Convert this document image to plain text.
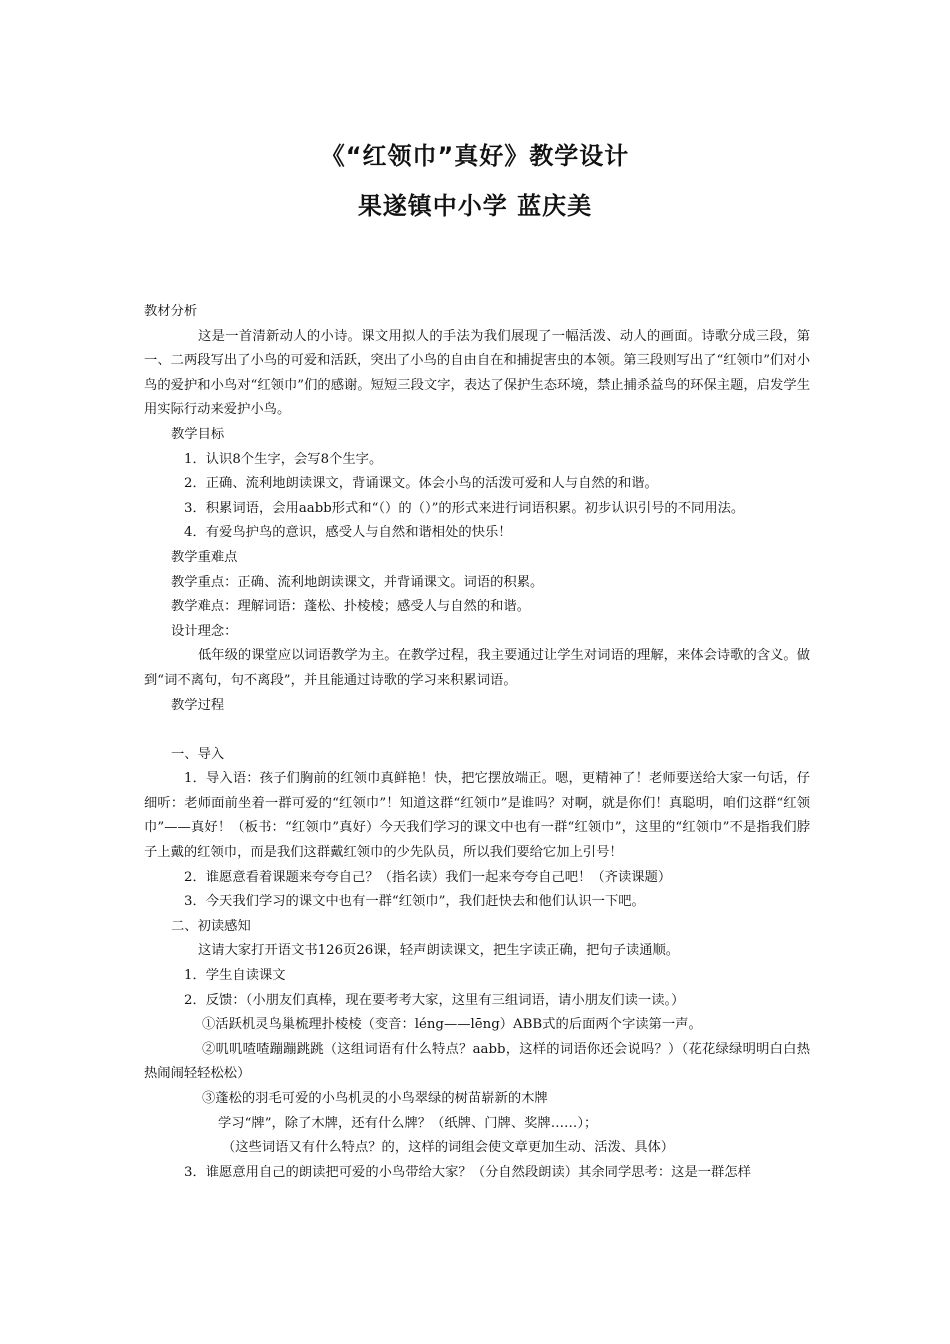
《“红领巾”真好》教学设计
果遂镇中小学 蓝庆美

教材分析

这是一首清新动人的小诗。课文用拟人的手法为我们展现了一幅活泼、动人的画面。诗歌分成三段，第一、二两段写出了小鸟的可爱和活跃，突出了小鸟的自由自在和捕捉害虫的本领。第三段则写出了“红领巾”们对小鸟的爱护和小鸟对“红领巾”们的感谢。短短三段文字，表达了保护生态环境，禁止捕杀益鸟的环保主题，启发学生用实际行动来爱护小鸟。

教学目标

1．认识8个生字，会写8个生字。

2．正确、流利地朗读课文，背诵课文。体会小鸟的活泼可爱和人与自然的和谐。

3．积累词语，会用aabb形式和“（）的（）”的形式来进行词语积累。初步认识引号的不同用法。

4．有爱鸟护鸟的意识，感受人与自然和谐相处的快乐！

教学重难点

教学重点：正确、流利地朗读课文，并背诵课文。词语的积累。

教学难点：理解词语：蓬松、扑棱棱；感受人与自然的和谐。

设计理念：

低年级的课堂应以词语教学为主。在教学过程，我主要通过让学生对词语的理解，来体会诗歌的含义。做到“词不离句，句不离段”，并且能通过诗歌的学习来积累词语。

教学过程

一、导入

1．导入语：孩子们胸前的红领巾真鲜艳！快，把它摆放端正。嗯，更精神了！老师要送给大家一句话，仔细听：老师面前坐着一群可爱的“红领巾”！知道这群“红领巾”是谁吗？对啊，就是你们！真聪明，咱们这群“红领巾”——真好！（板书：“红领巾”真好）今天我们学习的课文中也有一群“红领巾”，这里的“红领巾”不是指我们脖子上戴的红领巾，而是我们这群戴红领巾的少先队员，所以我们要给它加上引号！

2．谁愿意看着课题来夸夸自己？（指名读）我们一起来夸夸自己吧！（齐读课题）

3．今天我们学习的课文中也有一群“红领巾”，我们赶快去和他们认识一下吧。

二、初读感知

这请大家打开语文书126页26课，轻声朗读课文，把生字读正确，把句子读通顺。

1．学生自读课文

2．反馈：（小朋友们真棒，现在要考考大家，这里有三组词语，请小朋友们读一读。）

①活跃机灵鸟巢梳理扑棱棱（变音：léng——lēng）ABB式的后面两个字读第一声。

②叽叽喳喳蹦蹦跳跳（这组词语有什么特点？aabb，这样的词语你还会说吗？）（花花绿绿明明白白热热闹闹轻轻松松）

③蓬松的羽毛可爱的小鸟机灵的小鸟翠绿的树苗崭新的木牌

学习“牌”，除了木牌，还有什么牌？（纸牌、门牌、奖牌……）；

（这些词语又有什么特点？的，这样的词组会使文章更加生动、活泼、具体）

3．谁愿意用自己的朗读把可爱的小鸟带给大家？（分自然段朗读）其余同学思考：这是一群怎样
